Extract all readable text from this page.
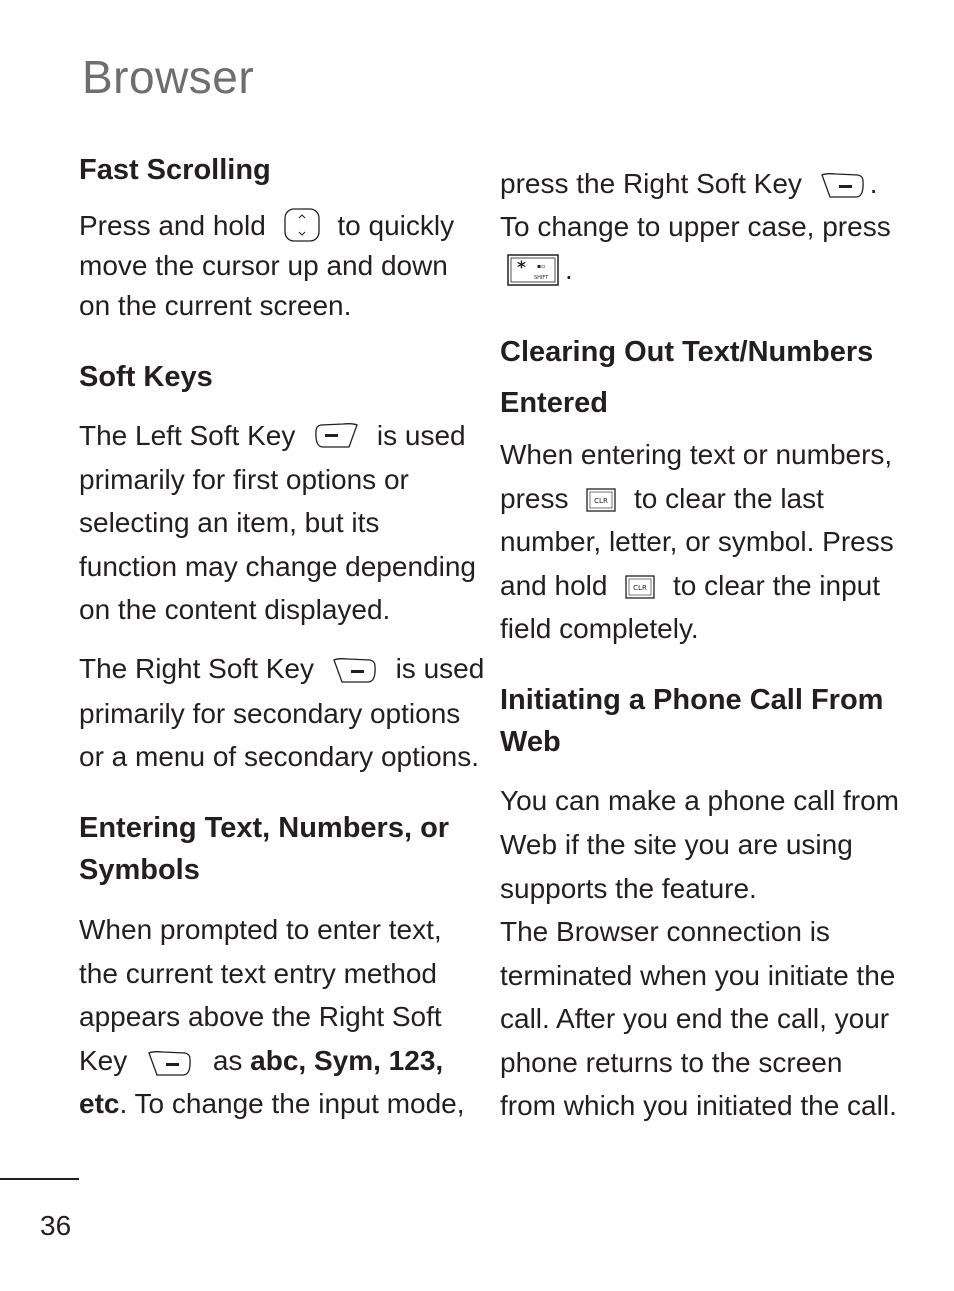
Browser
Fast Scrolling
Press and hold	to quickly
move the cursor up and down
on the current screen.
Soft Keys
The Left Soft Key	is used
primarily for first options or
selecting an item, but its
function may change depending
on the content displayed.
The Right Soft Key	is used
primarily for secondary options
or a menu of secondary options.
Entering Text, Numbers, or
Symbols
When prompted to enter text,
the current text entry method
appears above the Right Soft
Key	as abc, Sym, 123,
etc. To change the input mode,
press the Right Soft Key .
To change to upper case, press
* ▪▫
SHIFT .
Clearing Out Text/Numbers
Entered
When entering text or numbers,
press	CLR to clear the last
number, letter, or symbol. Press
and hold	CLR to clear the input
field completely.
Initiating a Phone Call From
Web
You can make a phone call from
Web if the site you are using
supports the feature.
The Browser connection is
terminated when you initiate the
call. After you end the call, your
phone returns to the screen
from which you initiated the call.
36
